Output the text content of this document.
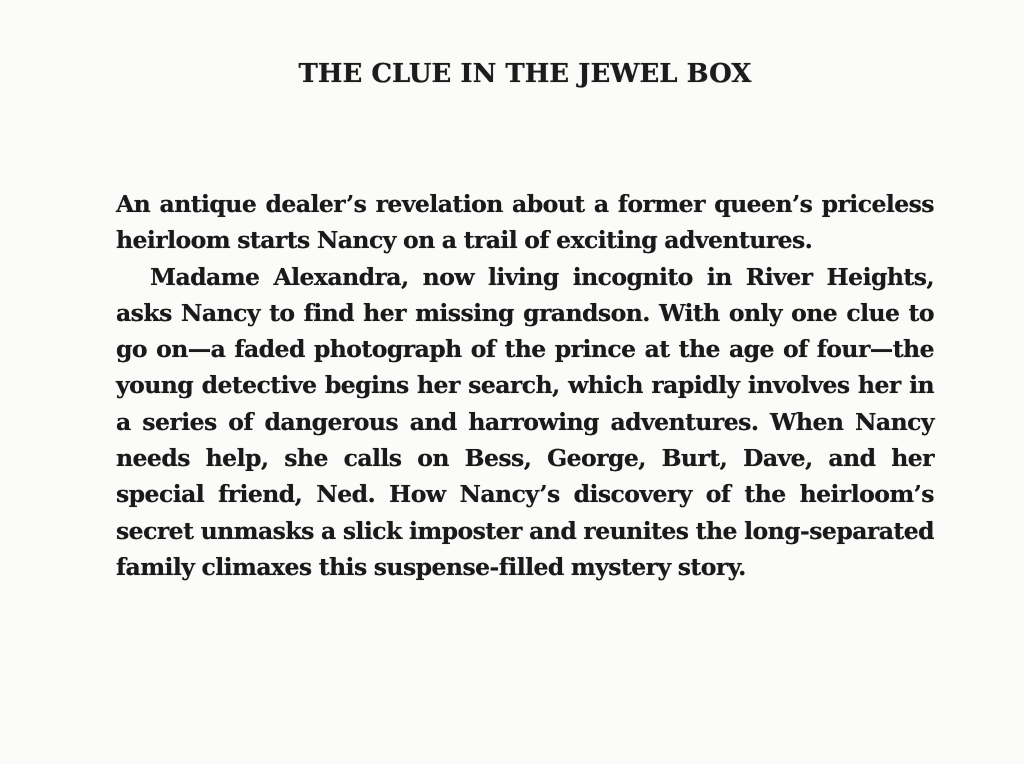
THE CLUE IN THE JEWEL BOX

An antique dealer’s revelation about a former queen’s priceless heirloom starts Nancy on a trail of exciting adventures.

Madame Alexandra, now living incognito in River Heights, asks Nancy to find her missing grandson. With only one clue to go on—a faded photograph of the prince at the age of four—the young detective begins her search, which rapidly involves her in a series of dangerous and harrowing adventures. When Nancy needs help, she calls on Bess, George, Burt, Dave, and her special friend, Ned. How Nancy’s discovery of the heirloom’s secret unmasks a slick imposter and reunites the long-separated family climaxes this suspense-filled mystery story.
